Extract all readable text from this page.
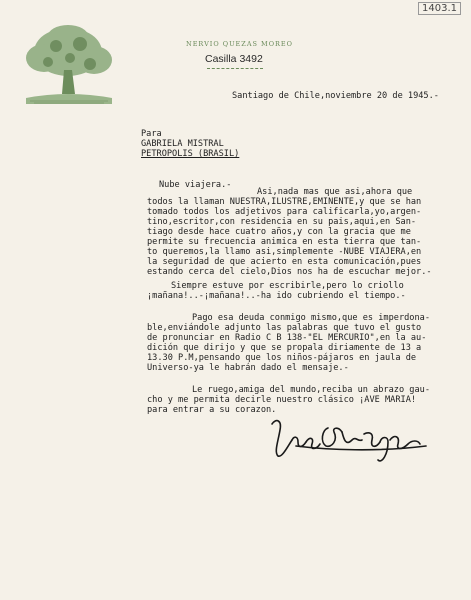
1403.1
NERVIO QUEZAS MOREO
Casilla 3492
Santiago de Chile,noviembre 20 de 1945.-
Para
GABRIELA MISTRAL
PETROPOLIS (BRASIL)
Nube viajera.-
Asi,nada mas que asi,ahora que
todos la llaman NUESTRA,ILUSTRE,EMINENTE,y que se han
tomado todos los adjetivos para calificarla,yo,argen-
tino,escritor,con residencia en su pais,aqui,en San-
tiago desde hace cuatro años,y con la gracia que me
permite su frecuencia animica en esta tierra que tan-
to queremos,la llamo asi,simplemente -NUBE VIAJERA,en
la seguridad de que acierto en esta comunicación,pues
estando cerca del cielo,Dios nos ha de escuchar mejor.-
Siempre estuve por escribirle,pero lo criollo
¡mañana!..-¡mañana!..-ha ido cubriendo el tiempo.-
Pago esa deuda conmigo mismo,que es imperdona-
ble,enviándole adjunto las palabras que tuvo el gusto
de pronunciar en Radio C B 138-"EL MERCURIO",en la au-
dición que dirijo y que se propala diriamente de 13 a
13.30 P.M,pensando que los niños-pájaros en jaula de
Universo-ya le habrán dado el mensaje.-
Le ruego,amiga del mundo,reciba un abrazo gau-
cho y me permita decirle nuestro clásico ¡AVE MARIA!
para entrar a su corazon.
